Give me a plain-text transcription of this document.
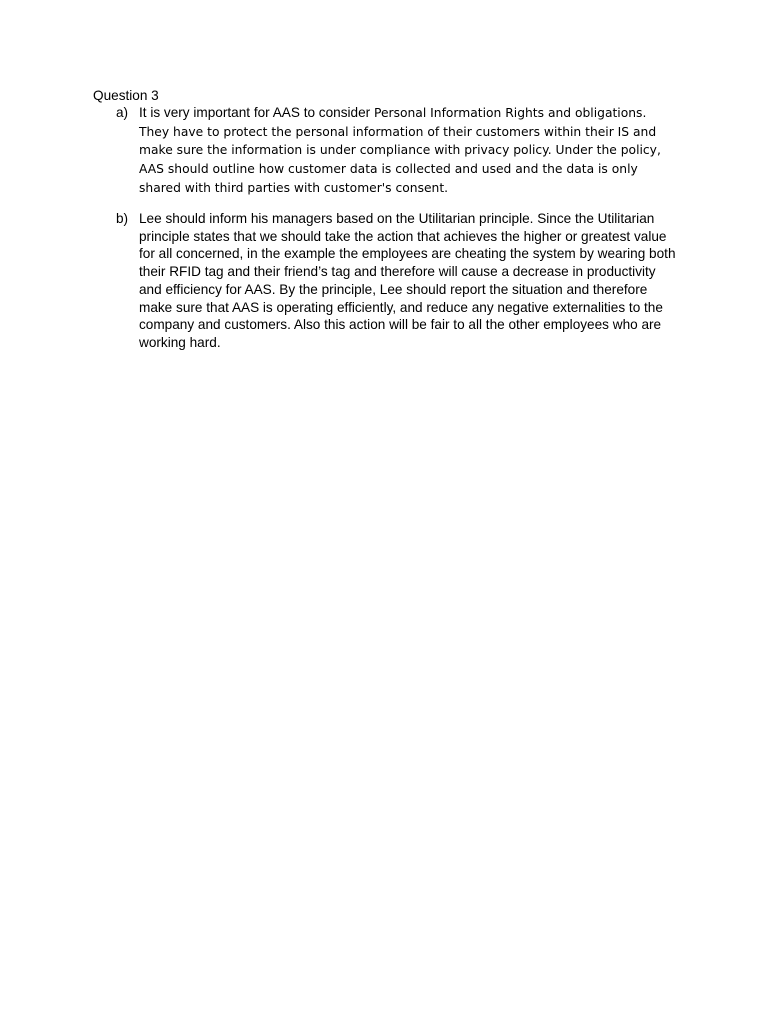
Question 3
a) It is very important for AAS to consider Personal Information Rights and obligations. They have to protect the personal information of their customers within their IS and make sure the information is under compliance with privacy policy. Under the policy, AAS should outline how customer data is collected and used and the data is only shared with third parties with customer's consent.
b) Lee should inform his managers based on the Utilitarian principle. Since the Utilitarian principle states that we should take the action that achieves the higher or greatest value for all concerned, in the example the employees are cheating the system by wearing both their RFID tag and their friend’s tag and therefore will cause a decrease in productivity and efficiency for AAS. By the principle, Lee should report the situation and therefore make sure that AAS is operating efficiently, and reduce any negative externalities to the company and customers. Also this action will be fair to all the other employees who are working hard.
